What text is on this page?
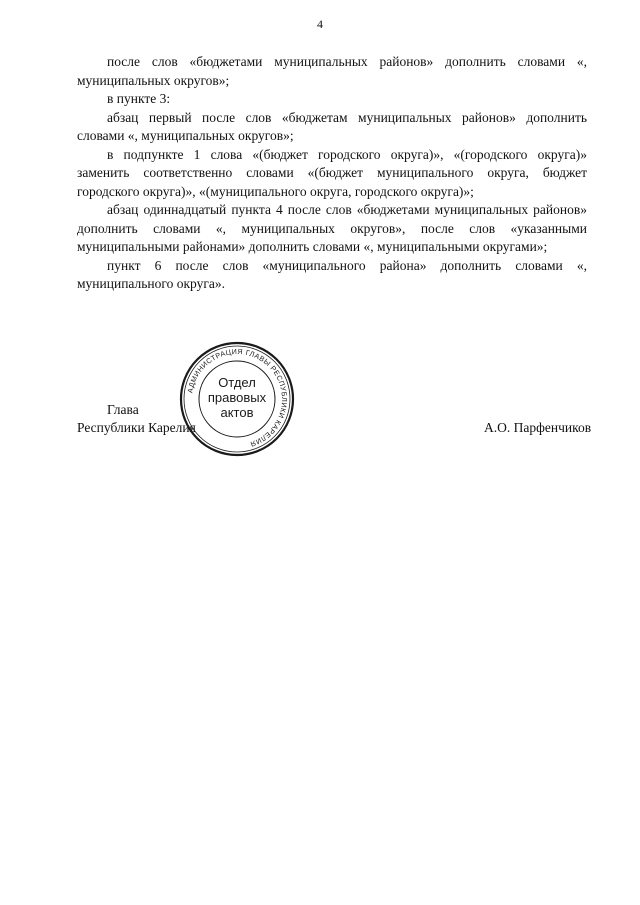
4

после слов «бюджетами муниципальных районов» дополнить словами «, муниципальных округов»;

в пункте 3:

абзац первый после слов «бюджетам муниципальных районов» дополнить словами «, муниципальных округов»;

в подпункте 1 слова «(бюджет городского округа)», «(городского округа)» заменить соответственно словами «(бюджет муниципального округа, бюджет городского округа)», «(муниципального округа, городского округа)»;

абзац одиннадцатый пункта 4 после слов «бюджетами муниципальных районов» дополнить словами «, муниципальных округов», после слов «указанными муниципальными районами» дополнить словами «, муниципальными округами»;

пункт 6 после слов «муниципального района» дополнить словами «, муниципального округа».

Глава
Республики Карелия	А.О. Парфенчиков
АДМИНИСТРАЦИЯ ГЛАВЫ РЕСПУБЛИКИ КАРЕЛИЯ
Отдел
правовых
актов
